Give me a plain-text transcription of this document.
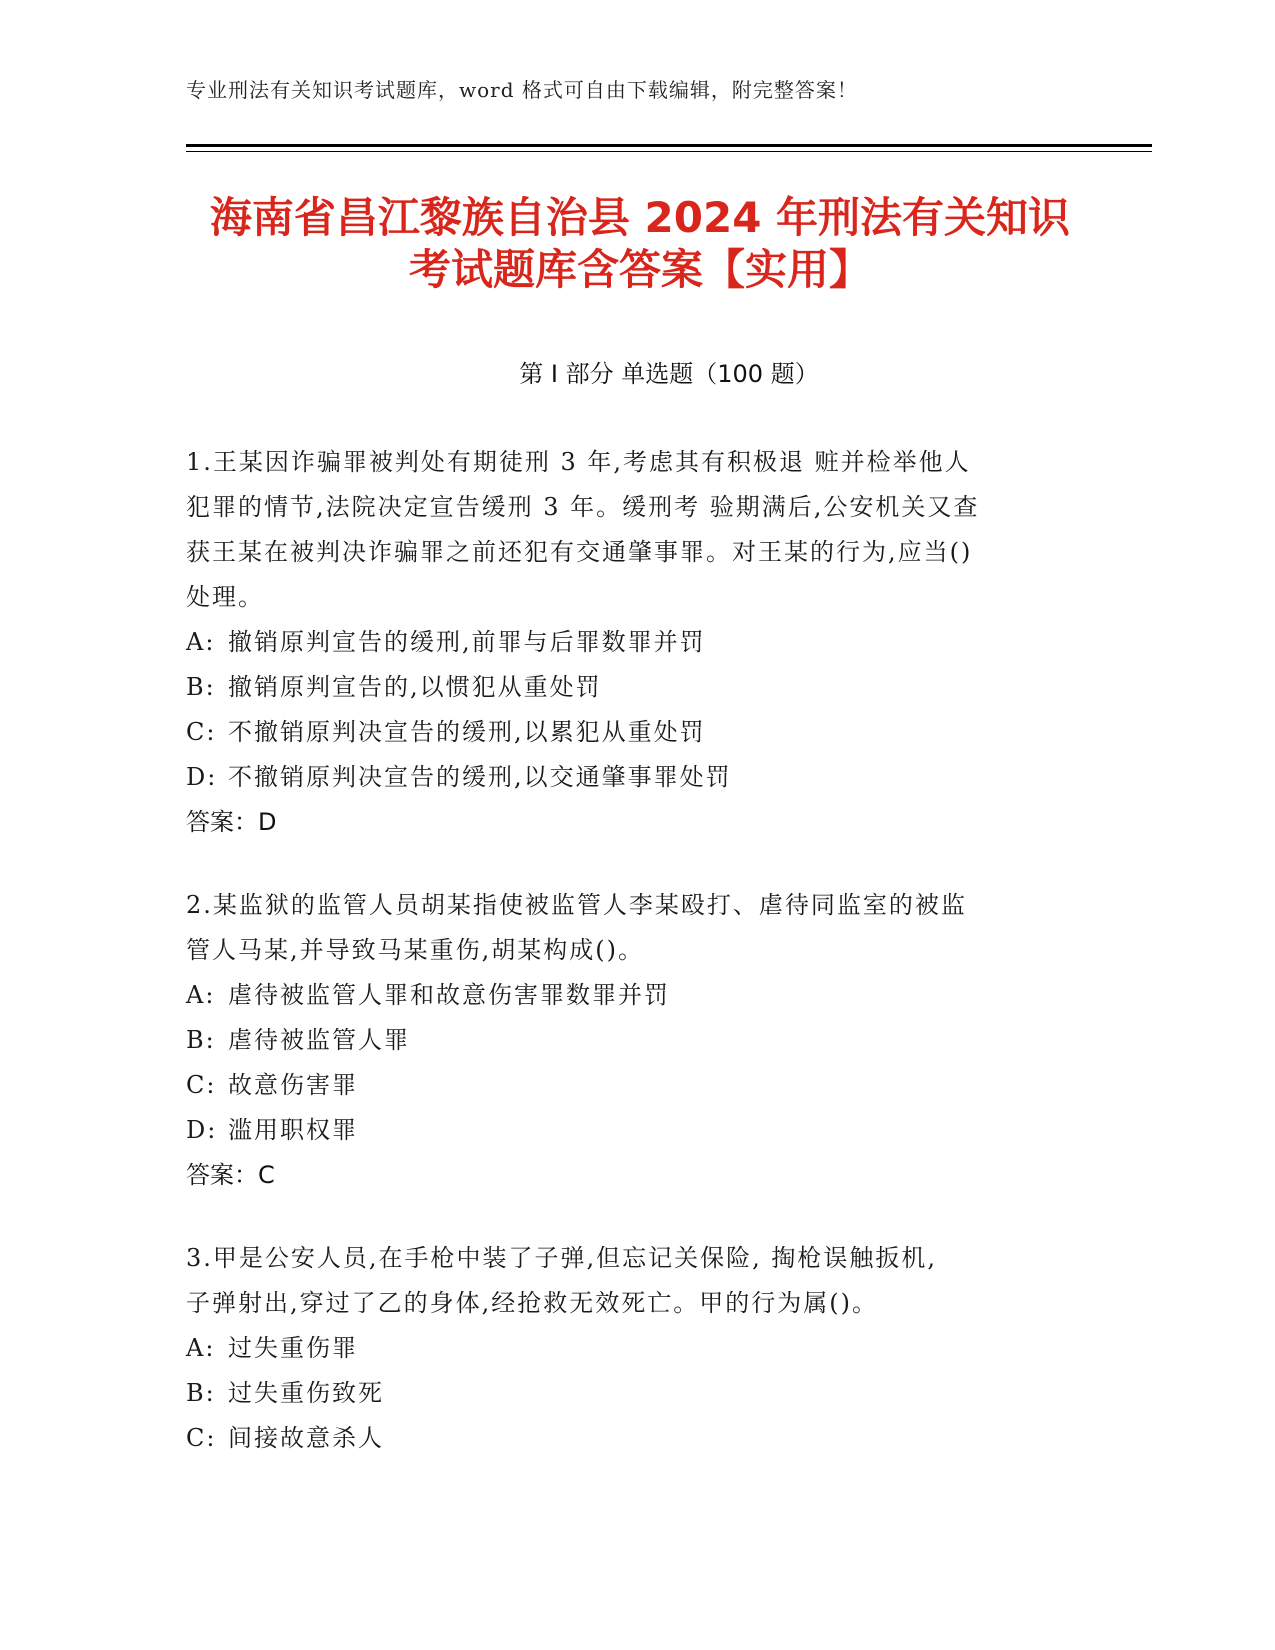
专业刑法有关知识考试题库，word 格式可自由下载编辑，附完整答案！
海南省昌江黎族自治县 2024 年刑法有关知识
考试题库含答案【实用】
第 I 部分 单选题（100 题）
1.王某因诈骗罪被判处有期徒刑 3 年,考虑其有积极退 赃并检举他人
犯罪的情节,法院决定宣告缓刑 3 年。缓刑考 验期满后,公安机关又查
获王某在被判决诈骗罪之前还犯有交通肇事罪。对王某的行为,应当()
处理。
A: 撤销原判宣告的缓刑,前罪与后罪数罪并罚
B: 撤销原判宣告的,以惯犯从重处罚
C: 不撤销原判决宣告的缓刑,以累犯从重处罚
D: 不撤销原判决宣告的缓刑,以交通肇事罪处罚
答案：D
2.某监狱的监管人员胡某指使被监管人李某殴打、虐待同监室的被监
管人马某,并导致马某重伤,胡某构成()。
A: 虐待被监管人罪和故意伤害罪数罪并罚
B: 虐待被监管人罪
C: 故意伤害罪
D: 滥用职权罪
答案：C
3.甲是公安人员,在手枪中装了子弹,但忘记关保险, 掏枪误触扳机,
子弹射出,穿过了乙的身体,经抢救无效死亡。甲的行为属()。
A: 过失重伤罪
B: 过失重伤致死
C: 间接故意杀人
